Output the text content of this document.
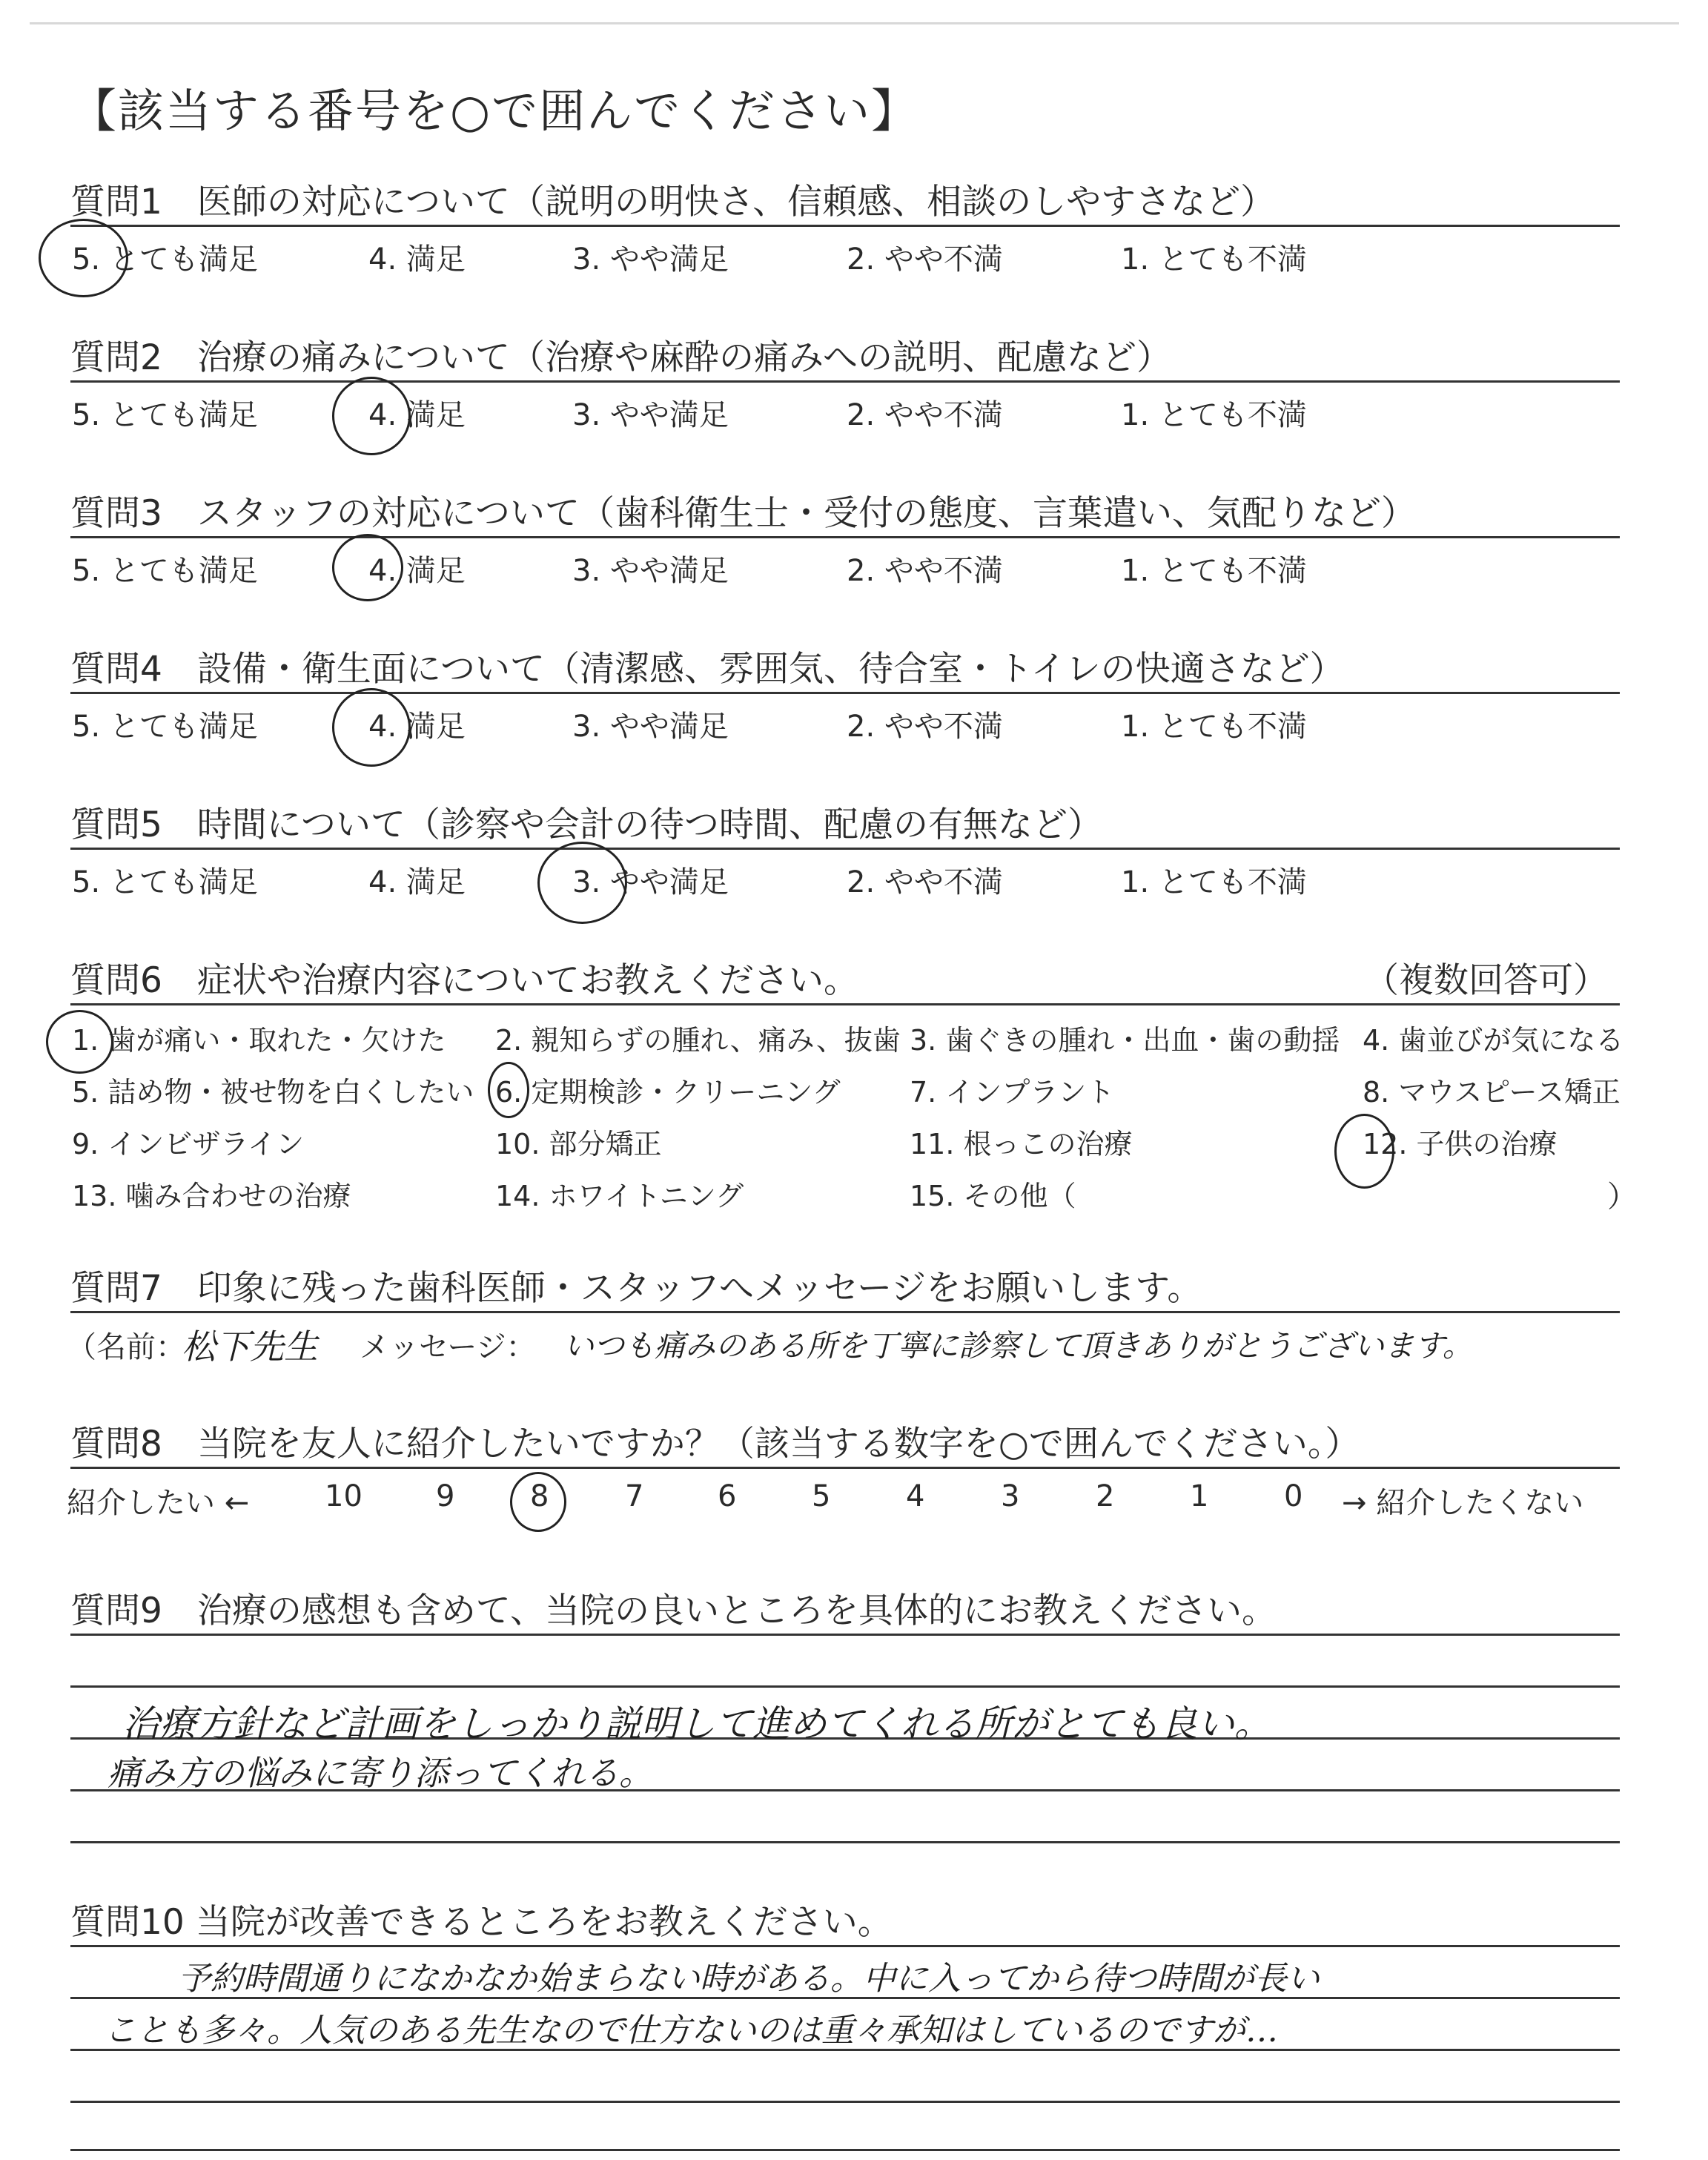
【該当する番号を○で囲んでください】
質問1　医師の対応について（説明の明快さ、信頼感、相談のしやすさなど）
5. とても満足	4. 満足	3. やや満足	2. やや不満	1. とても不満
質問2　治療の痛みについて（治療や麻酔の痛みへの説明、配慮など）
5. とても満足	4. 満足	3. やや満足	2. やや不満	1. とても不満
質問3　スタッフの対応について（歯科衛生士・受付の態度、言葉遣い、気配りなど）
5. とても満足	4. 満足	3. やや満足	2. やや不満	1. とても不満
質問4　設備・衛生面について（清潔感、雰囲気、待合室・トイレの快適さなど）
5. とても満足	4. 満足	3. やや満足	2. やや不満	1. とても不満
質問5　時間について（診察や会計の待つ時間、配慮の有無など）
5. とても満足	4. 満足	3. やや満足	2. やや不満	1. とても不満
質問6　症状や治療内容についてお教えください。	（複数回答可）
1. 歯が痛い・取れた・欠けた 2. 親知らずの腫れ、痛み、抜歯 3. 歯ぐきの腫れ・出血・歯の動揺 4. 歯並びが気になる
5. 詰め物・被せ物を白くしたい 6. 定期検診・クリーニング 7. インプラント	8. マウスピース矯正
9. インビザライン	10. 部分矯正	11. 根っこの治療	12. 子供の治療
13. 噛み合わせの治療	14. ホワイトニング	15. その他（	）
質問7　印象に残った歯科医師・スタッフへメッセージをお願いします。
（名前：
松下先生 メッセージ： いつも痛みのある所を丁寧に診察して頂きありがとうございます。
質問8　当院を友人に紹介したいですか？（該当する数字を○で囲んでください。）
紹介したい ←	10 9	8	7 6	5	4	3	2	1	0 → 紹介したくない
質問9　治療の感想も含めて、当院の良いところを具体的にお教えください。
治療方針など計画をしっかり説明して進めてくれる所がとても良い。
痛み方の悩みに寄り添ってくれる。
質問10 当院が改善できるところをお教えください。
予約時間通りになかなか始まらない時がある。中に入ってから待つ時間が長い
ことも多々。人気のある先生なので仕方ないのは重々承知はしているのですが…
